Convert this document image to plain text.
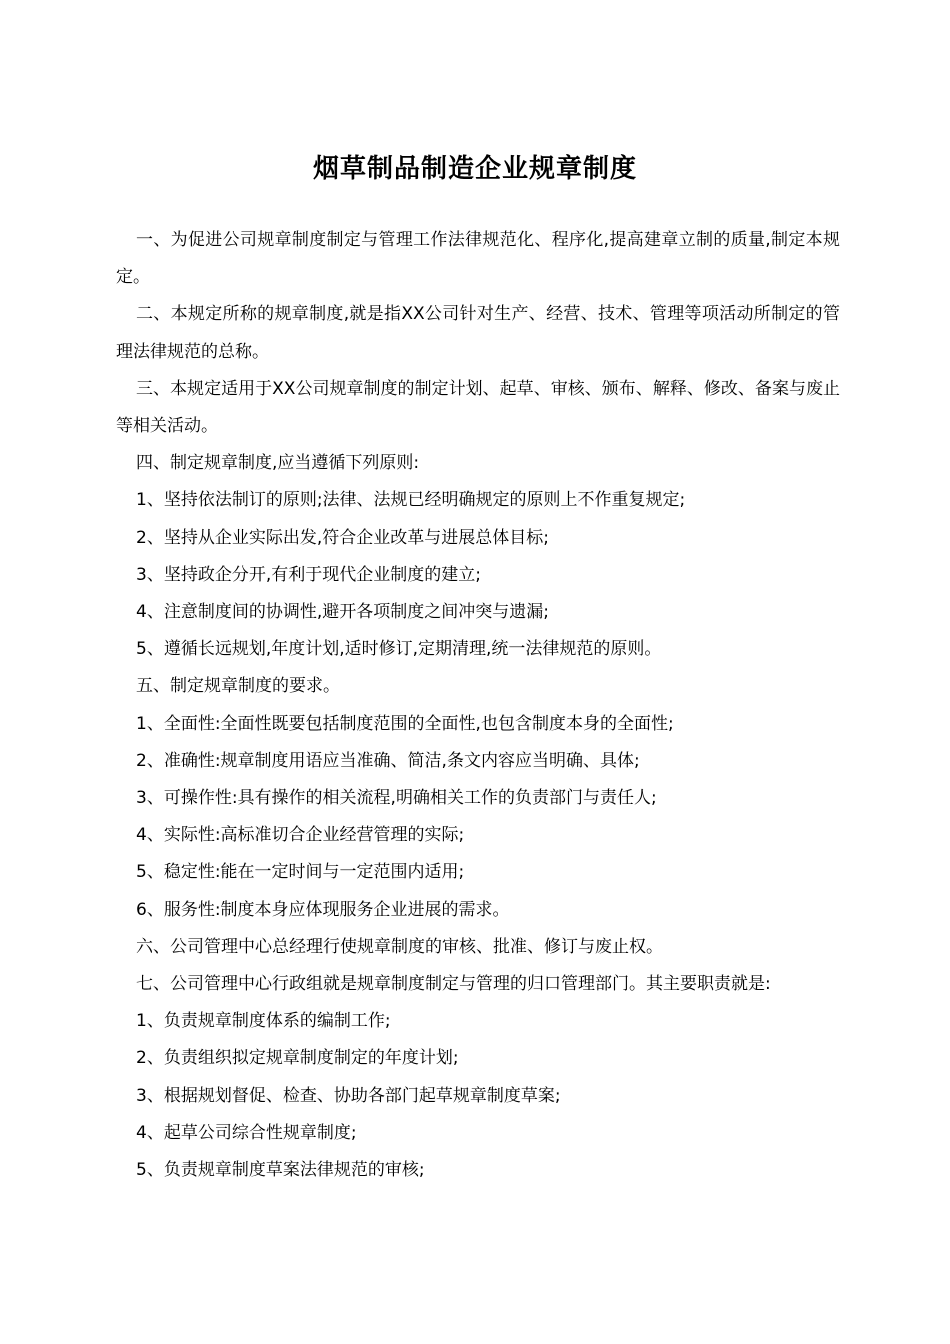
烟草制品制造企业规章制度

一、为促进公司规章制度制定与管理工作法律规范化、程序化,提高建章立制的质量,制定本规定。

二、本规定所称的规章制度,就是指XX公司针对生产、经营、技术、管理等项活动所制定的管理法律规范的总称。

三、本规定适用于XX公司规章制度的制定计划、起草、审核、颁布、解释、修改、备案与废止等相关活动。

四、制定规章制度,应当遵循下列原则:

1、坚持依法制订的原则;法律、法规已经明确规定的原则上不作重复规定;

2、坚持从企业实际出发,符合企业改革与进展总体目标;

3、坚持政企分开,有利于现代企业制度的建立;

4、注意制度间的协调性,避开各项制度之间冲突与遗漏;

5、遵循长远规划,年度计划,适时修订,定期清理,统一法律规范的原则。

五、制定规章制度的要求。

1、全面性:全面性既要包括制度范围的全面性,也包含制度本身的全面性;

2、准确性:规章制度用语应当准确、简洁,条文内容应当明确、具体;

3、可操作性:具有操作的相关流程,明确相关工作的负责部门与责任人;

4、实际性:高标准切合企业经营管理的实际;

5、稳定性:能在一定时间与一定范围内适用;

6、服务性:制度本身应体现服务企业进展的需求。

六、公司管理中心总经理行使规章制度的审核、批准、修订与废止权。

七、公司管理中心行政组就是规章制度制定与管理的归口管理部门。其主要职责就是:

1、负责规章制度体系的编制工作;

2、负责组织拟定规章制度制定的年度计划;

3、根据规划督促、检查、协助各部门起草规章制度草案;

4、起草公司综合性规章制度;

5、负责规章制度草案法律规范的审核;
